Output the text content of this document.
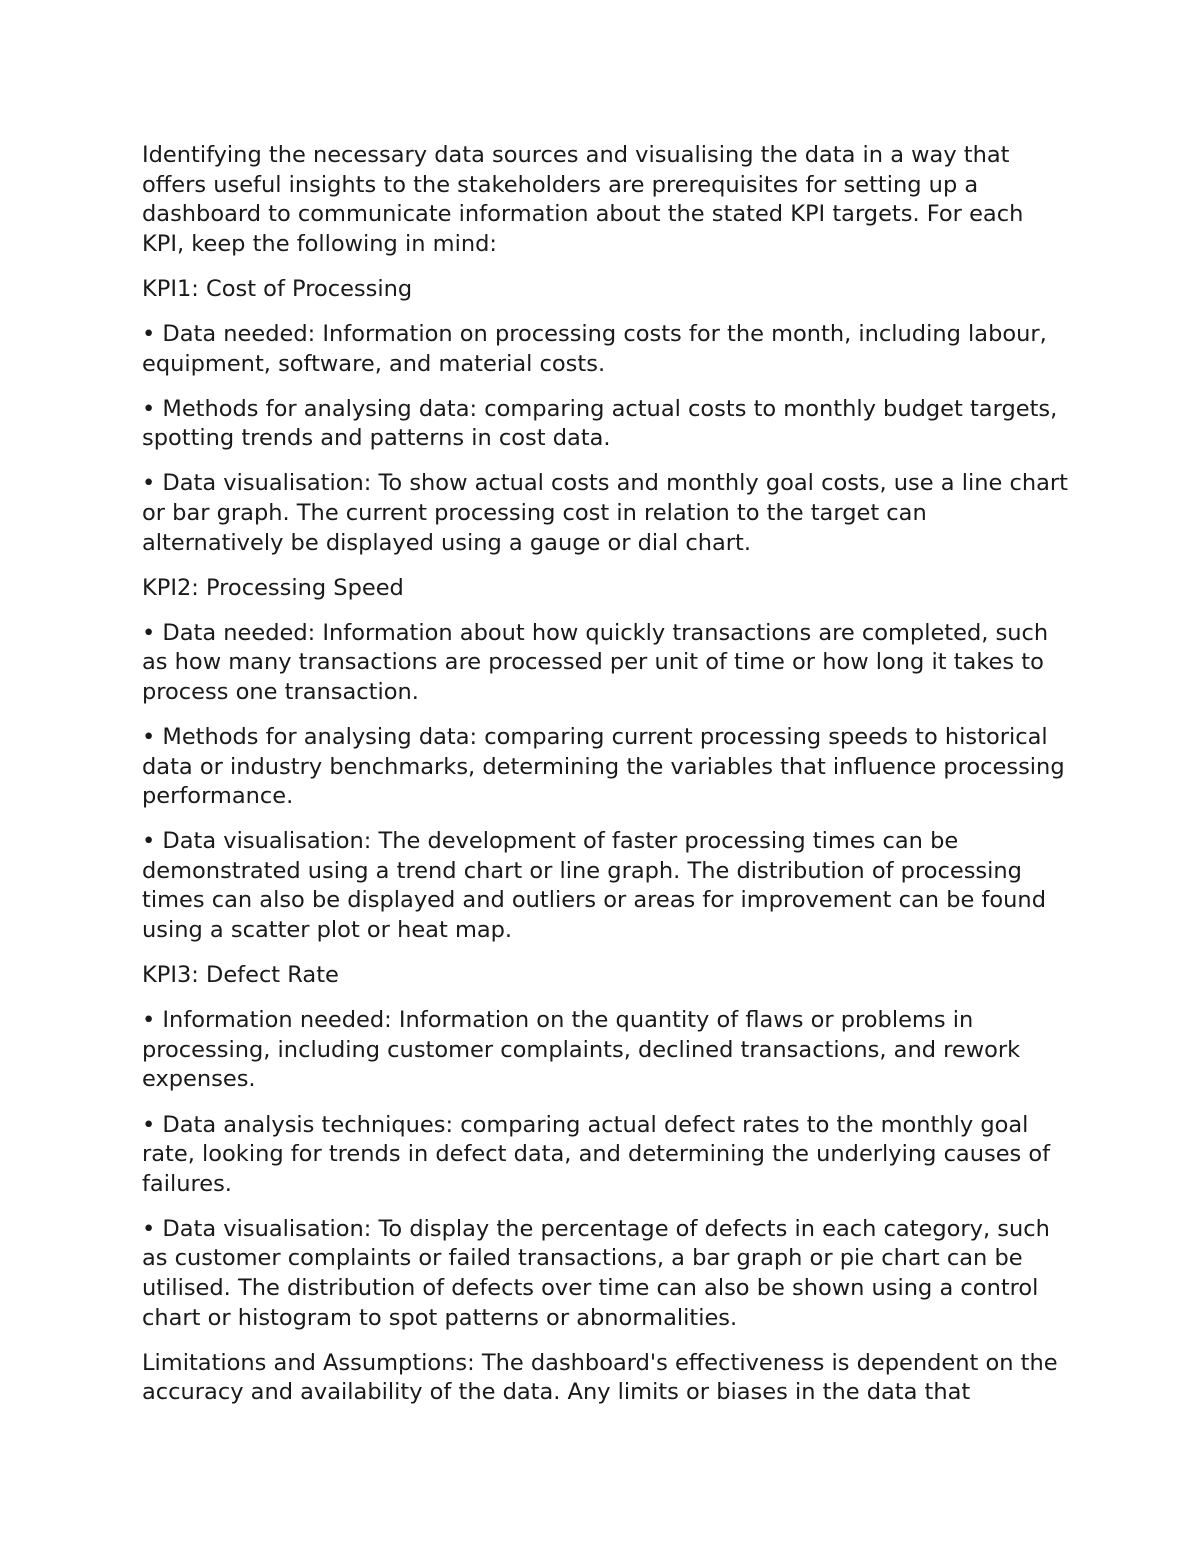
Identifying the necessary data sources and visualising the data in a way that offers useful insights to the stakeholders are prerequisites for setting up a dashboard to communicate information about the stated KPI targets. For each KPI, keep the following in mind:

KPI1: Cost of Processing

• Data needed: Information on processing costs for the month, including labour, equipment, software, and material costs.

• Methods for analysing data: comparing actual costs to monthly budget targets, spotting trends and patterns in cost data.

• Data visualisation: To show actual costs and monthly goal costs, use a line chart or bar graph. The current processing cost in relation to the target can alternatively be displayed using a gauge or dial chart.

KPI2: Processing Speed

• Data needed: Information about how quickly transactions are completed, such as how many transactions are processed per unit of time or how long it takes to process one transaction.

• Methods for analysing data: comparing current processing speeds to historical data or industry benchmarks, determining the variables that influence processing performance.

• Data visualisation: The development of faster processing times can be demonstrated using a trend chart or line graph. The distribution of processing times can also be displayed and outliers or areas for improvement can be found using a scatter plot or heat map.

KPI3: Defect Rate

• Information needed: Information on the quantity of flaws or problems in processing, including customer complaints, declined transactions, and rework expenses.

• Data analysis techniques: comparing actual defect rates to the monthly goal rate, looking for trends in defect data, and determining the underlying causes of failures.

• Data visualisation: To display the percentage of defects in each category, such as customer complaints or failed transactions, a bar graph or pie chart can be utilised. The distribution of defects over time can also be shown using a control chart or histogram to spot patterns or abnormalities.

Limitations and Assumptions: The dashboard's effectiveness is dependent on the accuracy and availability of the data. Any limits or biases in the data that
